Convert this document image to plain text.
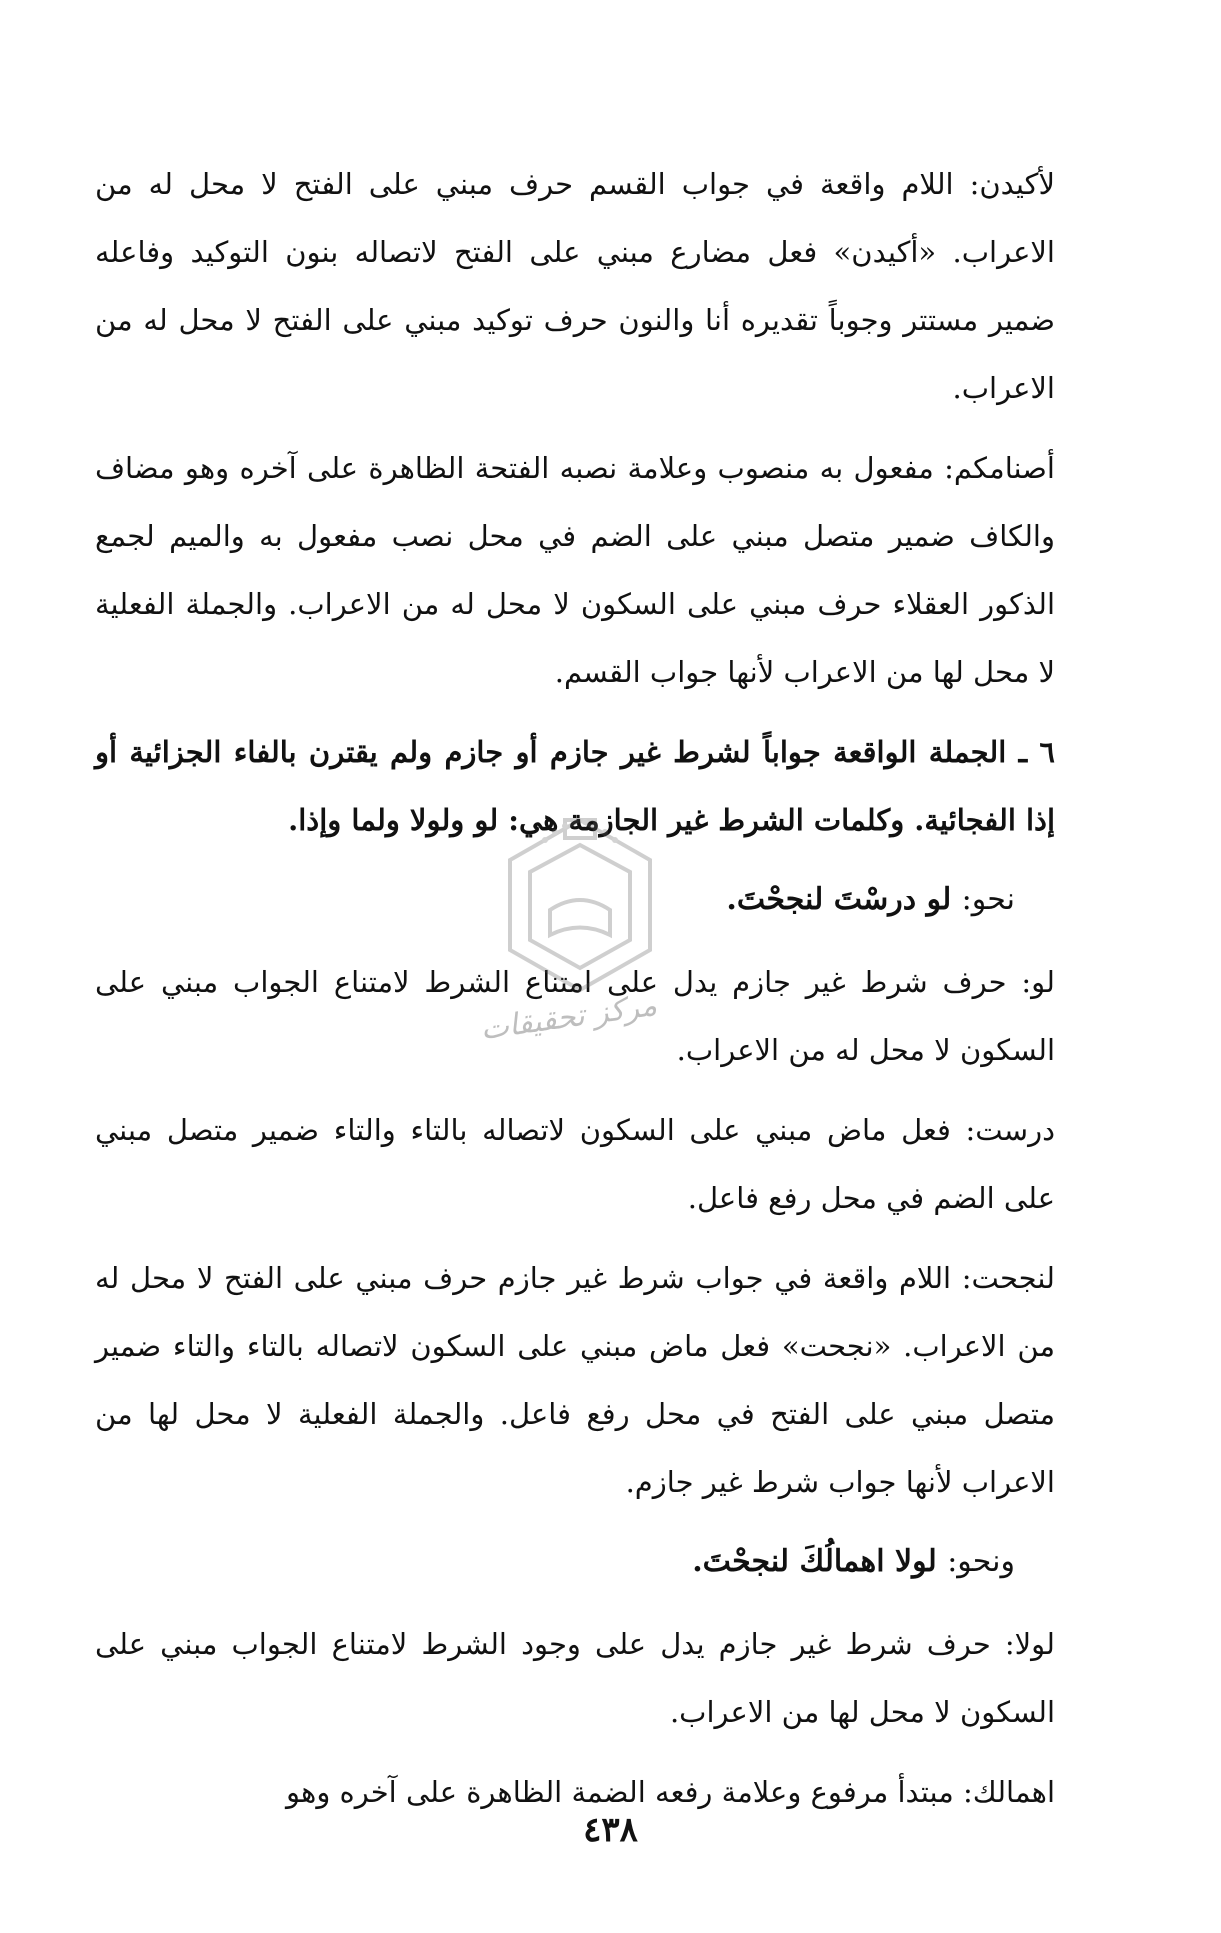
لأكيدن: اللام واقعة في جواب القسم حرف مبني على الفتح لا محل له من الاعراب. «أكيدن» فعل مضارع مبني على الفتح لاتصاله بنون التوكيد وفاعله ضمير مستتر وجوباً تقديره أنا والنون حرف توكيد مبني على الفتح لا محل له من الاعراب.

أصنامكم: مفعول به منصوب وعلامة نصبه الفتحة الظاهرة على آخره وهو مضاف والكاف ضمير متصل مبني على الضم في محل نصب مفعول به والميم لجمع الذكور العقلاء حرف مبني على السكون لا محل له من الاعراب. والجملة الفعلية لا محل لها من الاعراب لأنها جواب القسم.

٦ ـ الجملة الواقعة جواباً لشرط غير جازم أو جازم ولم يقترن بالفاء الجزائية أو إذا الفجائية. وكلمات الشرط غير الجازمة هي: لو ولولا ولما وإذا.

نحو: لو درسْتَ لنجحْتَ.

لو: حرف شرط غير جازم يدل على امتناع الشرط لامتناع الجواب مبني على السكون لا محل له من الاعراب.

درست: فعل ماض مبني على السكون لاتصاله بالتاء والتاء ضمير متصل مبني على الضم في محل رفع فاعل.

لنجحت: اللام واقعة في جواب شرط غير جازم حرف مبني على الفتح لا محل له من الاعراب. «نجحت» فعل ماض مبني على السكون لاتصاله بالتاء والتاء ضمير متصل مبني على الفتح في محل رفع فاعل. والجملة الفعلية لا محل لها من الاعراب لأنها جواب شرط غير جازم.

ونحو: لولا اهمالُكَ لنجحْتَ.

لولا: حرف شرط غير جازم يدل على وجود الشرط لامتناع الجواب مبني على السكون لا محل لها من الاعراب.

اهمالك: مبتدأ مرفوع وعلامة رفعه الضمة الظاهرة على آخره وهو

مركز تحقيقات
٤٣٨
